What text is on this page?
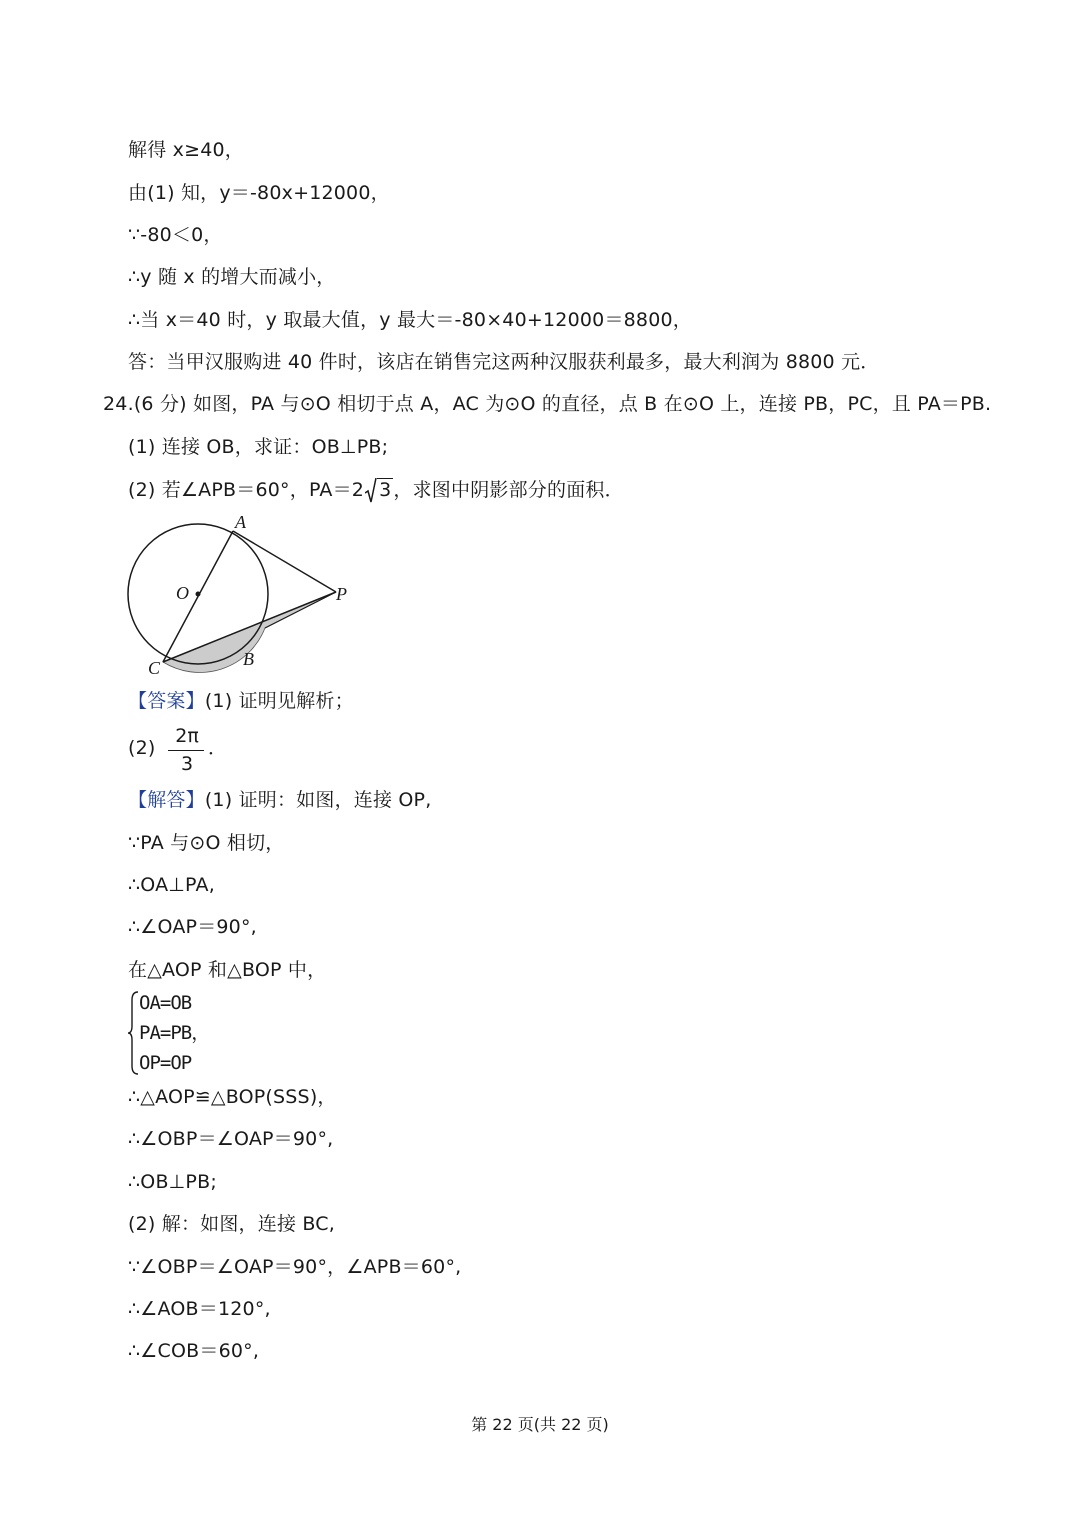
解得 x≥40，
由(1) 知，y＝-80x+12000，
∵-80＜0，
∴y 随 x 的增大而减小，
∴当 x＝40 时，y 取最大值，y 最大＝-80×40+12000＝8800，
答：当甲汉服购进 40 件时，该店在销售完这两种汉服获利最多，最大利润为 8800 元．
24.(6 分) 如图，PA 与⊙O 相切于点 A，AC 为⊙O 的直径，点 B 在⊙O 上，连接 PB，PC，且 PA＝PB.
(1) 连接 OB，求证：OB⊥PB;
(2) 若∠APB＝60°，PA＝2 3 ，求图中阴影部分的面积．
A
O	P
C	B
【答案】(1) 证明见解析；
(2)
2π
3
．
【解答】(1) 证明：如图，连接 OP,
∵PA 与⊙O 相切，
∴OA⊥PA,
∴∠OAP＝90°,
在△AOP 和△BOP 中，
OA=OB
PA=PB，
OP=OP
∴△AOP≌△BOP(SSS)，
∴∠OBP＝∠OAP＝90°,
∴OB⊥PB;
(2) 解：如图，连接 BC,
∵∠OBP＝∠OAP＝90°，∠APB＝60°,
∴∠AOB＝120°,
∴∠COB＝60°,
第 22 页(共 22 页)
